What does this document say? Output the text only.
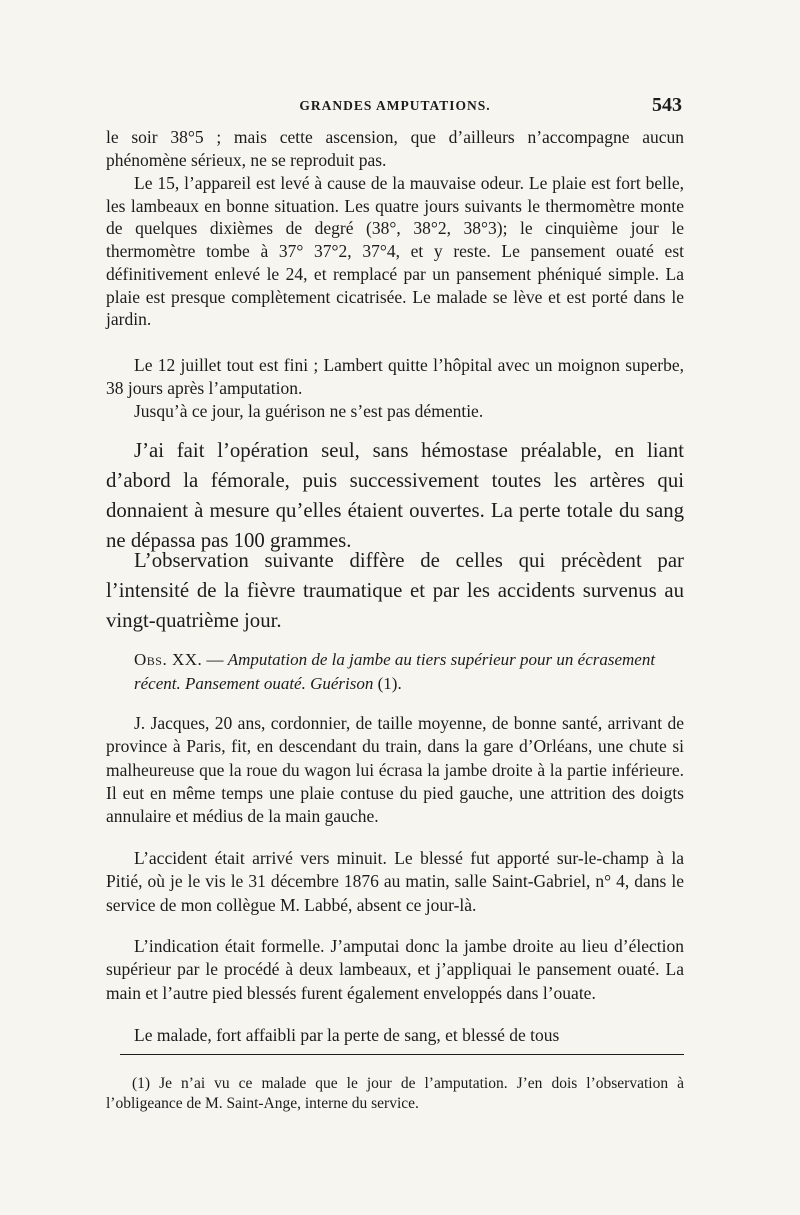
GRANDES AMPUTATIONS.	543

le soir 38°5 ; mais cette ascension, que d’ailleurs n’accompagne aucun phénomène sérieux, ne se reproduit pas.

Le 15, l’appareil est levé à cause de la mauvaise odeur. Le plaie est fort belle, les lambeaux en bonne situation. Les quatre jours suivants le thermomètre monte de quelques dixièmes de degré (38°, 38°2, 38°3); le cinquième jour le thermomètre tombe à 37° 37°2, 37°4, et y reste. Le pansement ouaté est définitivement enlevé le 24, et remplacé par un pansement phéniqué simple. La plaie est presque complètement cicatrisée. Le malade se lève et est porté dans le jardin.

Le 12 juillet tout est fini ; Lambert quitte l’hôpital avec un moignon superbe, 38 jours après l’amputation.

Jusqu’à ce jour, la guérison ne s’est pas démentie.

J’ai fait l’opération seul, sans hémostase préalable, en liant d’abord la fémorale, puis successivement toutes les artères qui donnaient à mesure qu’elles étaient ouvertes. La perte totale du sang ne dépassa pas 100 grammes.

L’observation suivante diffère de celles qui précèdent par l’intensité de la fièvre traumatique et par les accidents survenus au vingt-quatrième jour.

Obs. XX. — Amputation de la jambe au tiers supérieur pour un écrasement récent. Pansement ouaté. Guérison (1).

J. Jacques, 20 ans, cordonnier, de taille moyenne, de bonne santé, arrivant de province à Paris, fit, en descendant du train, dans la gare d’Orléans, une chute si malheureuse que la roue du wagon lui écrasa la jambe droite à la partie inférieure. Il eut en même temps une plaie contuse du pied gauche, une attrition des doigts annulaire et médius de la main gauche.

L’accident était arrivé vers minuit. Le blessé fut apporté sur-le-champ à la Pitié, où je le vis le 31 décembre 1876 au matin, salle Saint-Gabriel, n° 4, dans le service de mon collègue M. Labbé, absent ce jour-là.

L’indication était formelle. J’amputai donc la jambe droite au lieu d’élection supérieur par le procédé à deux lambeaux, et j’appliquai le pansement ouaté. La main et l’autre pied blessés furent également enveloppés dans l’ouate.

Le malade, fort affaibli par la perte de sang, et blessé de tous

(1) Je n’ai vu ce malade que le jour de l’amputation. J’en dois l’observation à l’obligeance de M. Saint-Ange, interne du service.
